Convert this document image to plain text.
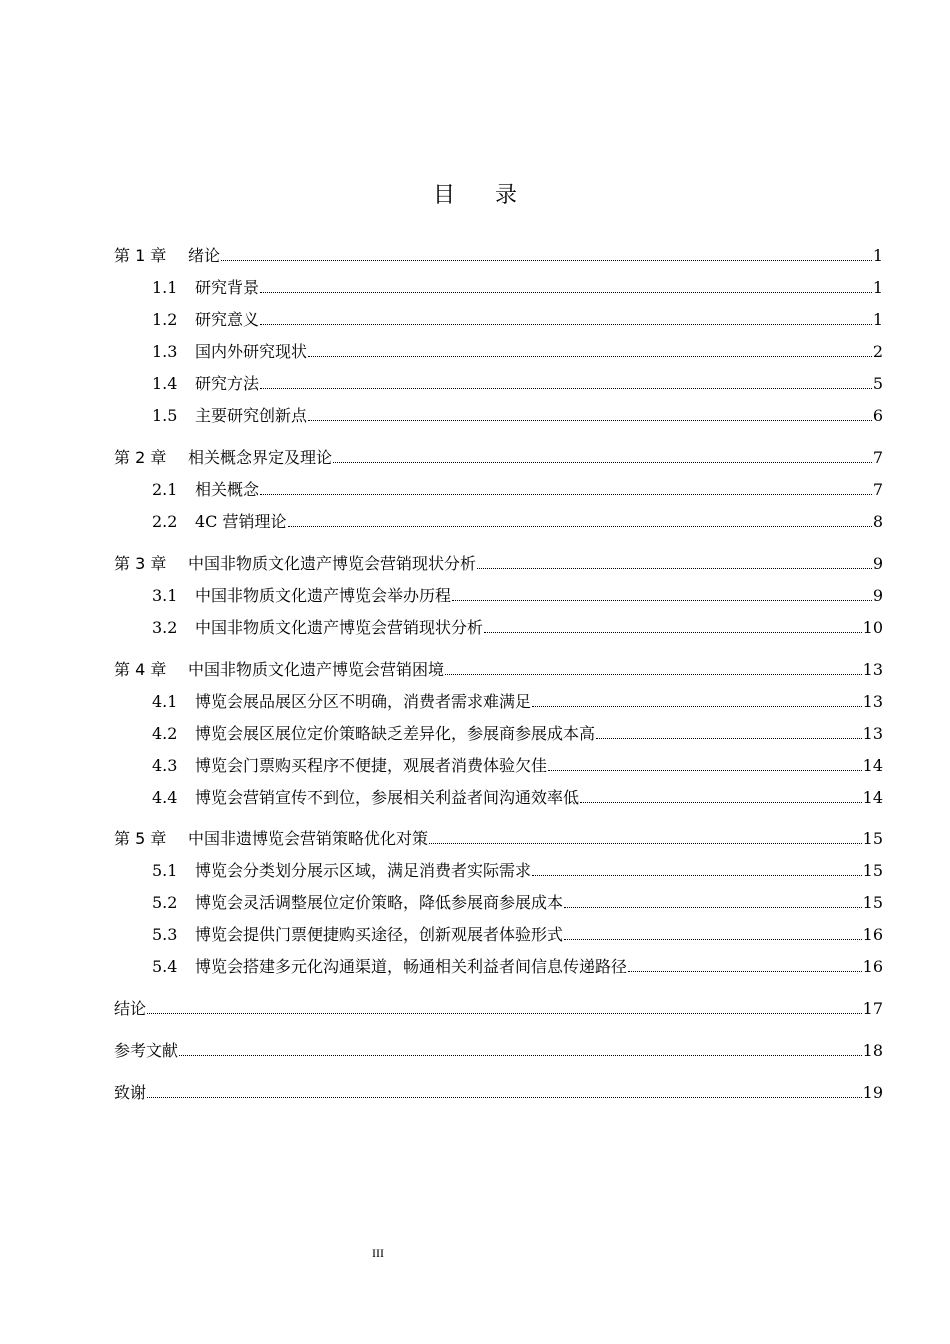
目录
第 1 章	绪论	1
1.1	研究背景	1
1.2	研究意义	1
1.3	国内外研究现状	2
1.4	研究方法	5
1.5	主要研究创新点	6
第 2 章	相关概念界定及理论	7
2.1	相关概念	7
2.2	4C 营销理论	8
第 3 章	中国非物质文化遗产博览会营销现状分析	9
3.1	中国非物质文化遗产博览会举办历程	9
3.2	中国非物质文化遗产博览会营销现状分析	10
第 4 章	中国非物质文化遗产博览会营销困境	13
4.1	博览会展品展区分区不明确，消费者需求难满足	13
4.2	博览会展区展位定价策略缺乏差异化，参展商参展成本高	13
4.3	博览会门票购买程序不便捷，观展者消费体验欠佳	14
4.4	博览会营销宣传不到位，参展相关利益者间沟通效率低	14
第 5 章	中国非遗博览会营销策略优化对策	15
5.1	博览会分类划分展示区域，满足消费者实际需求	15
5.2	博览会灵活调整展位定价策略，降低参展商参展成本	15
5.3	博览会提供门票便捷购买途径，创新观展者体验形式	16
5.4	博览会搭建多元化沟通渠道，畅通相关利益者间信息传递路径	16
结论	17
参考文献	18
致谢	19
III
